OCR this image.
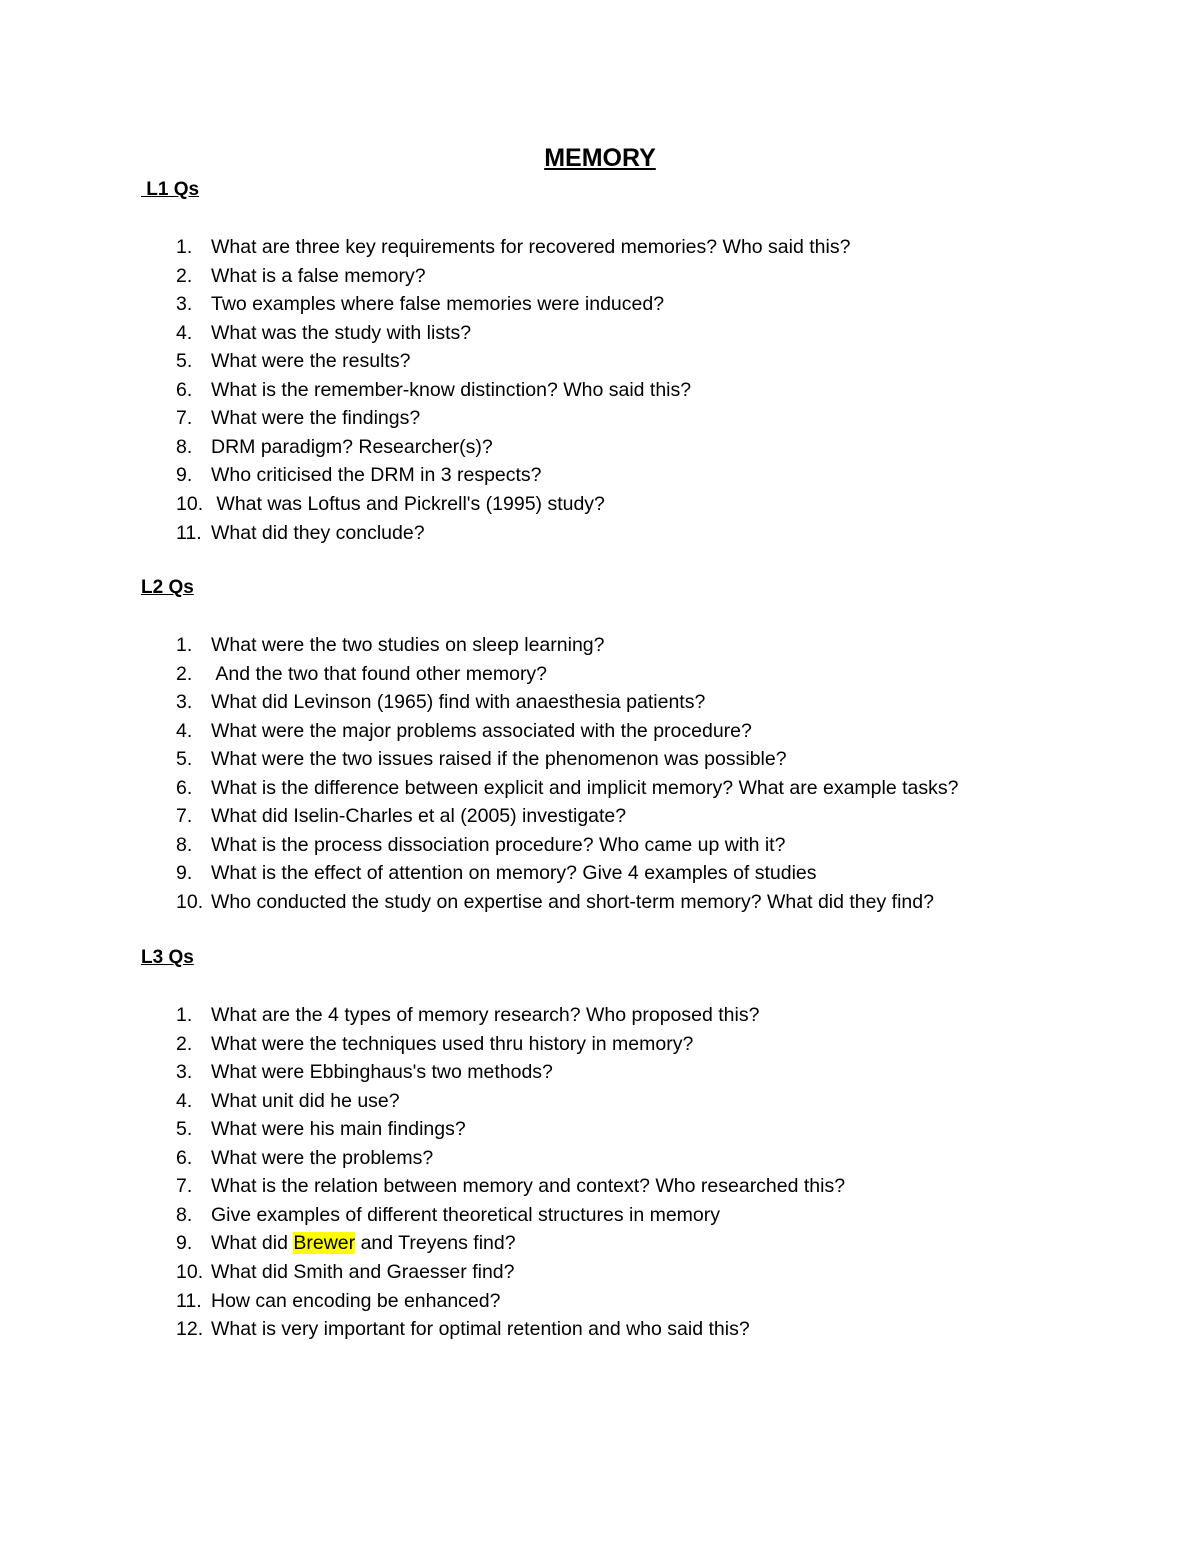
MEMORY
L1 Qs
L2 Qs
L3 Qs
1. What are three key requirements for recovered memories? Who said this?
2. What is a false memory?
3. Two examples where false memories were induced?
4. What was the study with lists?
5. What were the results?
6. What is the remember-know distinction? Who said this?
7. What were the findings?
8. DRM paradigm? Researcher(s)?
9. Who criticised the DRM in 3 respects?
10. What was Loftus and Pickrell's (1995) study?
11. What did they conclude?
1. What were the two studies on sleep learning?
2. And the two that found other memory?
3. What did Levinson (1965) find with anaesthesia patients?
4. What were the major problems associated with the procedure?
5. What were the two issues raised if the phenomenon was possible?
6. What is the difference between explicit and implicit memory? What are example tasks?
7. What did Iselin-Charles et al (2005) investigate?
8. What is the process dissociation procedure? Who came up with it?
9. What is the effect of attention on memory? Give 4 examples of studies
10. Who conducted the study on expertise and short-term memory? What did they find?
1. What are the 4 types of memory research? Who proposed this?
2. What were the techniques used thru history in memory?
3. What were Ebbinghaus's two methods?
4. What unit did he use?
5. What were his main findings?
6. What were the problems?
7. What is the relation between memory and context? Who researched this?
8. Give examples of different theoretical structures in memory
9. What did Brewer and Treyens find?
10. What did Smith and Graesser find?
11. How can encoding be enhanced?
12. What is very important for optimal retention and who said this?
